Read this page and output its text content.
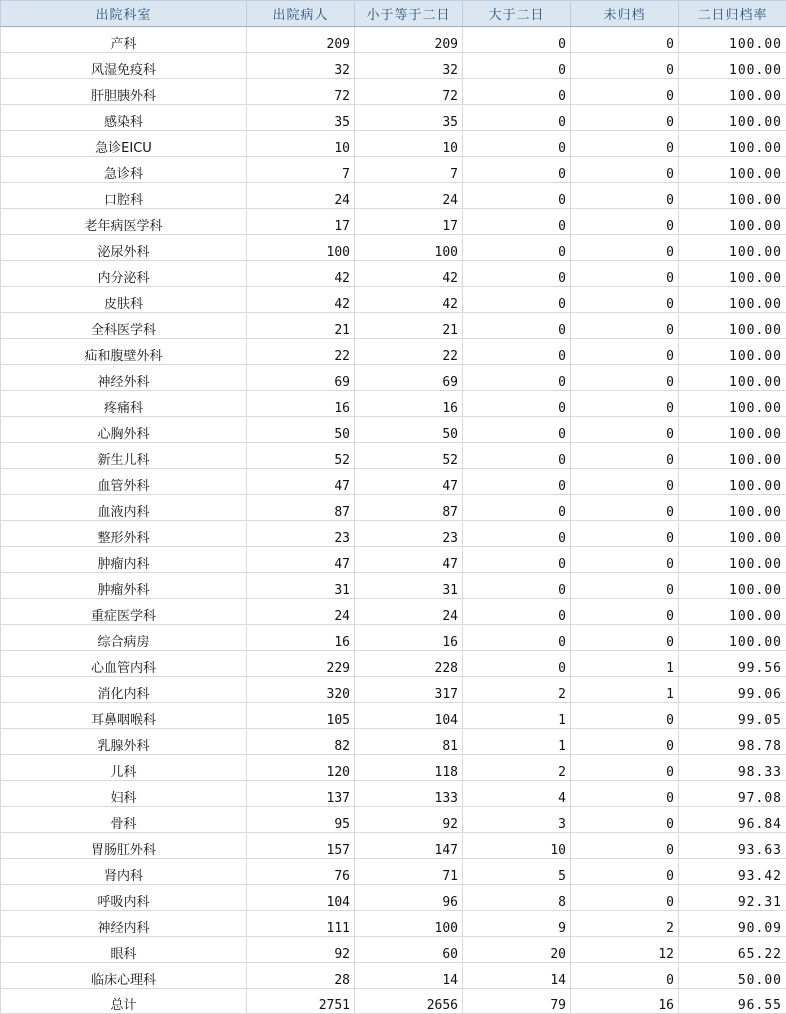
出院科室	出院病人	小于等于二日	大于二日	未归档	二日归档率
产科	209	209	0	0	100.00
风湿免疫科	32	32	0	0	100.00
肝胆胰外科	72	72	0	0	100.00
感染科	35	35	0	0	100.00
急诊EICU	10	10	0	0	100.00
急诊科	7	7	0	0	100.00
口腔科	24	24	0	0	100.00
老年病医学科	17	17	0	0	100.00
泌尿外科	100	100	0	0	100.00
内分泌科	42	42	0	0	100.00
皮肤科	42	42	0	0	100.00
全科医学科	21	21	0	0	100.00
疝和腹壁外科	22	22	0	0	100.00
神经外科	69	69	0	0	100.00
疼痛科	16	16	0	0	100.00
心胸外科	50	50	0	0	100.00
新生儿科	52	52	0	0	100.00
血管外科	47	47	0	0	100.00
血液内科	87	87	0	0	100.00
整形外科	23	23	0	0	100.00
肿瘤内科	47	47	0	0	100.00
肿瘤外科	31	31	0	0	100.00
重症医学科	24	24	0	0	100.00
综合病房	16	16	0	0	100.00
心血管内科	229	228	0	1	99.56
消化内科	320	317	2	1	99.06
耳鼻咽喉科	105	104	1	0	99.05
乳腺外科	82	81	1	0	98.78
儿科	120	118	2	0	98.33
妇科	137	133	4	0	97.08
骨科	95	92	3	0	96.84
胃肠肛外科	157	147	10	0	93.63
肾内科	76	71	5	0	93.42
呼吸内科	104	96	8	0	92.31
神经内科	111	100	9	2	90.09
眼科	92	60	20	12	65.22
临床心理科	28	14	14	0	50.00
总计	2751	2656	79	16	96.55
